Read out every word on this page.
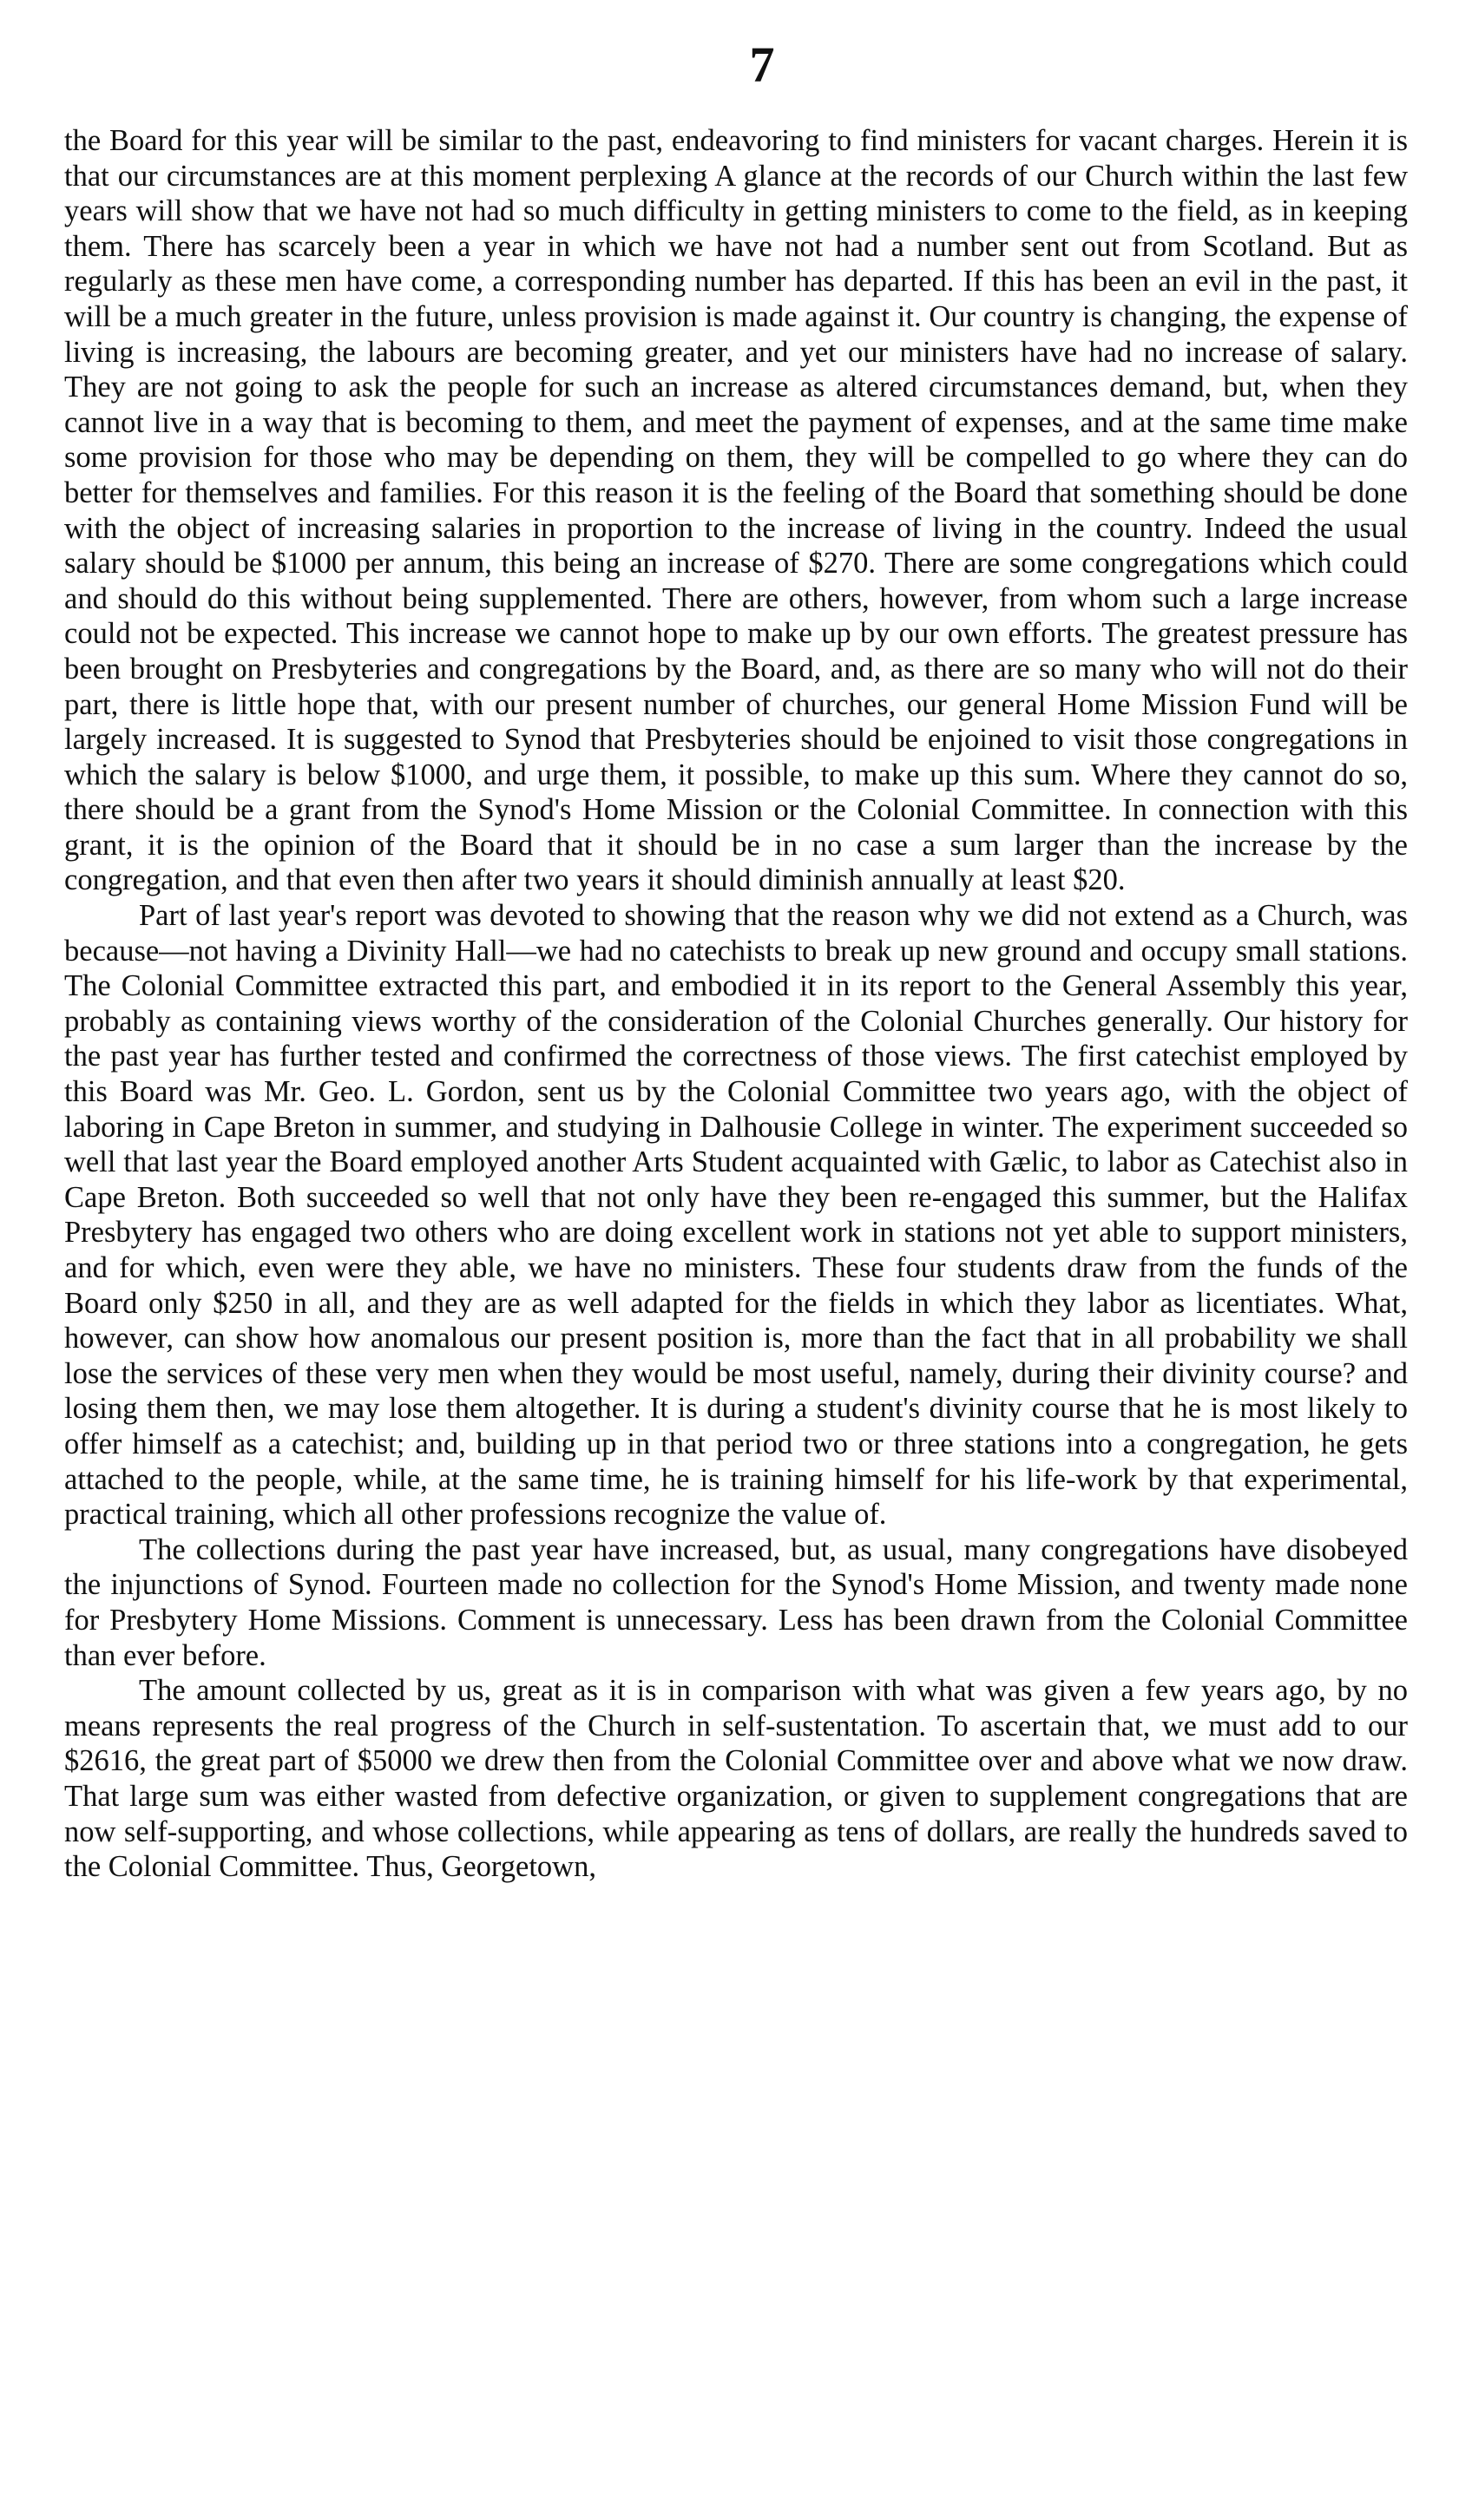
7

the Board for this year will be similar to the past, endeavoring to find ministers for vacant charges. Herein it is that our circumstances are at this moment perplexing A glance at the records of our Church within the last few years will show that we have not had so much difficulty in getting ministers to come to the field, as in keeping them. There has scarcely been a year in which we have not had a number sent out from Scotland. But as regularly as these men have come, a corresponding number has departed. If this has been an evil in the past, it will be a much greater in the future, unless provision is made against it. Our country is changing, the expense of living is increasing, the labours are becoming greater, and yet our ministers have had no increase of salary. They are not going to ask the people for such an increase as altered circumstances demand, but, when they cannot live in a way that is becoming to them, and meet the payment of expenses, and at the same time make some provision for those who may be depending on them, they will be compelled to go where they can do better for themselves and families. For this reason it is the feeling of the Board that something should be done with the object of increasing salaries in proportion to the increase of living in the country. Indeed the usual salary should be $1000 per annum, this being an increase of $270. There are some congregations which could and should do this without being supplemented. There are others, however, from whom such a large increase could not be expected. This increase we cannot hope to make up by our own efforts. The greatest pressure has been brought on Presbyteries and congregations by the Board, and, as there are so many who will not do their part, there is little hope that, with our present number of churches, our general Home Mission Fund will be largely increased. It is suggested to Synod that Presbyteries should be enjoined to visit those congregations in which the salary is below $1000, and urge them, it possible, to make up this sum. Where they cannot do so, there should be a grant from the Synod's Home Mission or the Colonial Committee. In connection with this grant, it is the opinion of the Board that it should be in no case a sum larger than the increase by the congregation, and that even then after two years it should diminish annually at least $20.

Part of last year's report was devoted to showing that the reason why we did not extend as a Church, was because—not having a Divinity Hall—we had no catechists to break up new ground and occupy small stations. The Colonial Committee extracted this part, and embodied it in its report to the General Assembly this year, probably as containing views worthy of the consideration of the Colonial Churches generally. Our history for the past year has further tested and confirmed the correctness of those views. The first catechist employed by this Board was Mr. Geo. L. Gordon, sent us by the Colonial Committee two years ago, with the object of laboring in Cape Breton in summer, and studying in Dalhousie College in winter. The experiment succeeded so well that last year the Board employed another Arts Student acquainted with Gælic, to labor as Catechist also in Cape Breton. Both succeeded so well that not only have they been re-engaged this summer, but the Halifax Presbytery has engaged two others who are doing excellent work in stations not yet able to support ministers, and for which, even were they able, we have no ministers. These four students draw from the funds of the Board only $250 in all, and they are as well adapted for the fields in which they labor as licentiates. What, however, can show how anomalous our present position is, more than the fact that in all probability we shall lose the services of these very men when they would be most useful, namely, during their divinity course? and losing them then, we may lose them altogether. It is during a student's divinity course that he is most likely to offer himself as a catechist; and, building up in that period two or three stations into a congregation, he gets attached to the people, while, at the same time, he is training himself for his life-work by that experimental, practical training, which all other professions recognize the value of.

The collections during the past year have increased, but, as usual, many congregations have disobeyed the injunctions of Synod. Fourteen made no collection for the Synod's Home Mission, and twenty made none for Presbytery Home Missions. Comment is unnecessary. Less has been drawn from the Colonial Committee than ever before.

The amount collected by us, great as it is in comparison with what was given a few years ago, by no means represents the real progress of the Church in self-sustentation. To ascertain that, we must add to our $2616, the great part of $5000 we drew then from the Colonial Committee over and above what we now draw. That large sum was either wasted from defective organization, or given to supplement congregations that are now self-supporting, and whose collections, while appearing as tens of dollars, are really the hundreds saved to the Colonial Committee. Thus, Georgetown,
